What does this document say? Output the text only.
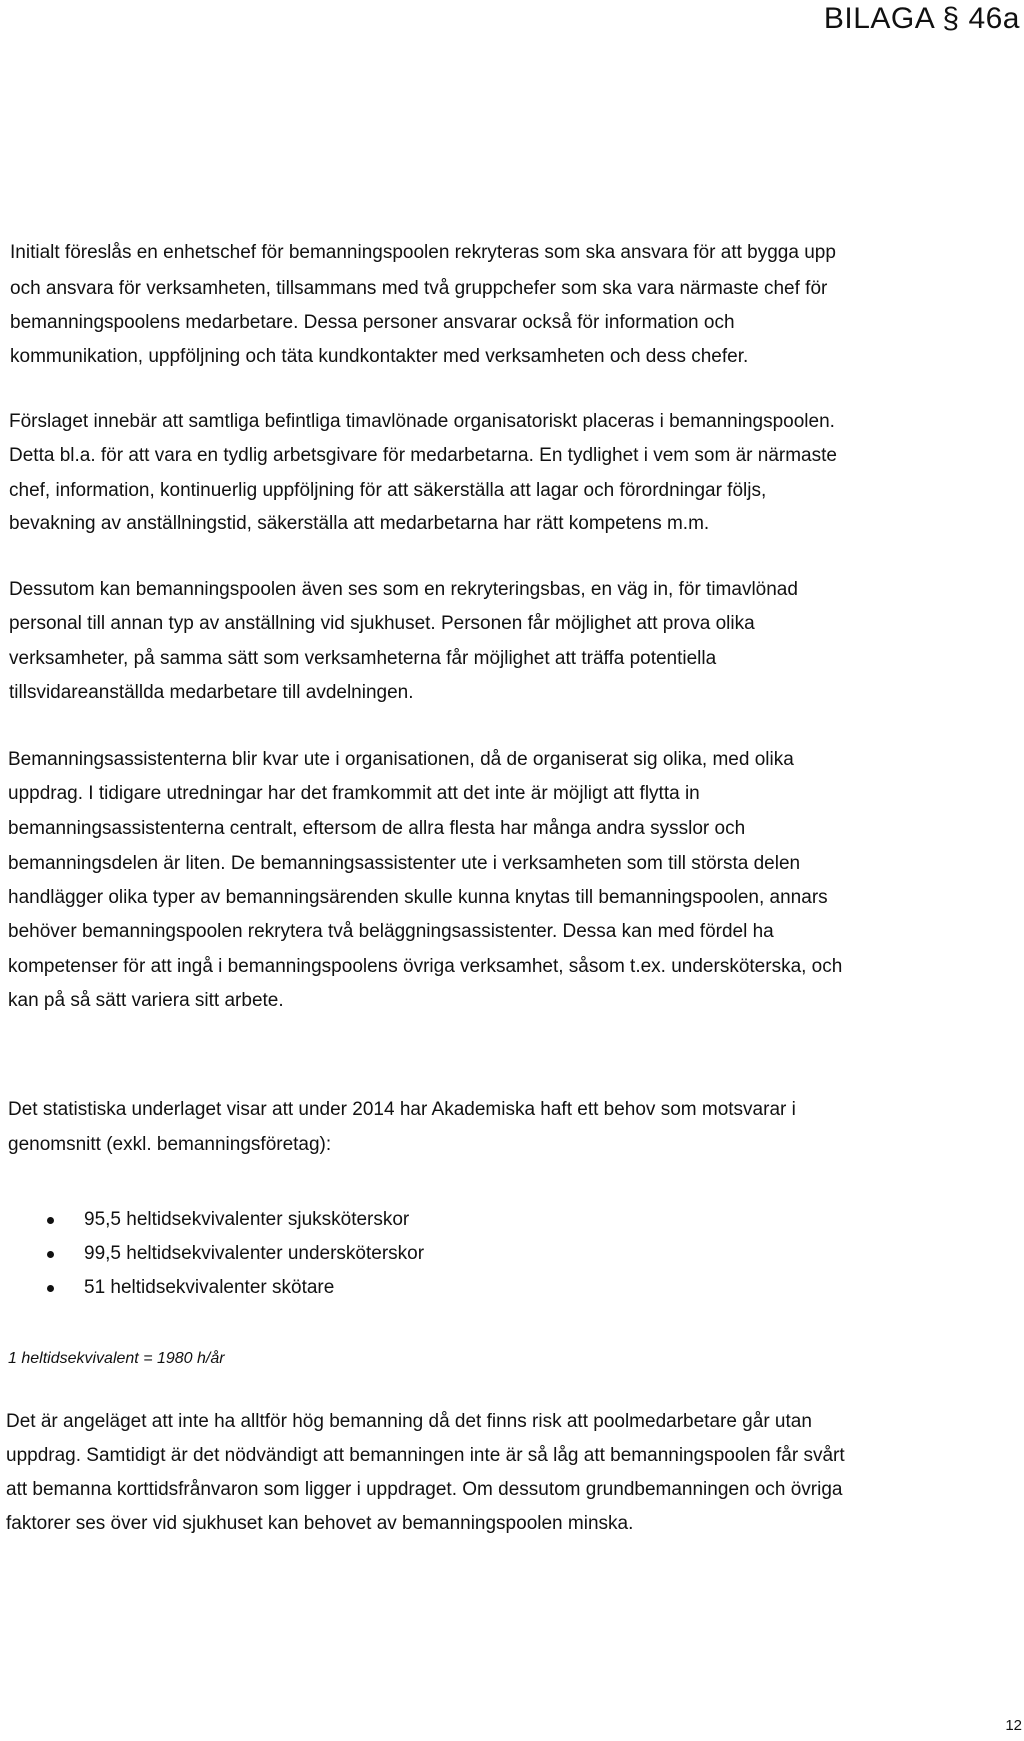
BILAGA § 46a
Initialt föreslås en enhetschef för bemanningspoolen rekryteras som ska ansvara för att bygga upp
och ansvara för verksamheten, tillsammans med två gruppchefer som ska vara närmaste chef för
bemanningspoolens medarbetare. Dessa personer ansvarar också för information och
kommunikation, uppföljning och täta kundkontakter med verksamheten och dess chefer.
Förslaget innebär att samtliga befintliga timavlönade organisatoriskt placeras i bemanningspoolen.
Detta bl.a. för att vara en tydlig arbetsgivare för medarbetarna. En tydlighet i vem som är närmaste
chef, information, kontinuerlig uppföljning för att säkerställa att lagar och förordningar följs,
bevakning av anställningstid, säkerställa att medarbetarna har rätt kompetens m.m.
Dessutom kan bemanningspoolen även ses som en rekryteringsbas, en väg in, för timavlönad
personal till annan typ av anställning vid sjukhuset. Personen får möjlighet att prova olika
verksamheter, på samma sätt som verksamheterna får möjlighet att träffa potentiella
tillsvidareanställda medarbetare till avdelningen.
Bemanningsassistenterna blir kvar ute i organisationen, då de organiserat sig olika, med olika
uppdrag. I tidigare utredningar har det framkommit att det inte är möjligt att flytta in
bemanningsassistenterna centralt, eftersom de allra flesta har många andra sysslor och
bemanningsdelen är liten. De bemanningsassistenter ute i verksamheten som till största delen
handlägger olika typer av bemanningsärenden skulle kunna knytas till bemanningspoolen, annars
behöver bemanningspoolen rekrytera två beläggningsassistenter. Dessa kan med fördel ha
kompetenser för att ingå i bemanningspoolens övriga verksamhet, såsom t.ex. undersköterska, och
kan på så sätt variera sitt arbete.
Det statistiska underlaget visar att under 2014 har Akademiska haft ett behov som motsvarar i
genomsnitt (exkl. bemanningsföretag):
95,5 heltidsekvivalenter sjuksköterskor
99,5 heltidsekvivalenter undersköterskor
51 heltidsekvivalenter skötare
1 heltidsekvivalent = 1980 h/år
Det är angeläget att inte ha alltför hög bemanning då det finns risk att poolmedarbetare går utan
uppdrag. Samtidigt är det nödvändigt att bemanningen inte är så låg att bemanningspoolen får svårt
att bemanna korttidsfrånvaron som ligger i uppdraget. Om dessutom grundbemanningen och övriga
faktorer ses över vid sjukhuset kan behovet av bemanningspoolen minska.
12
